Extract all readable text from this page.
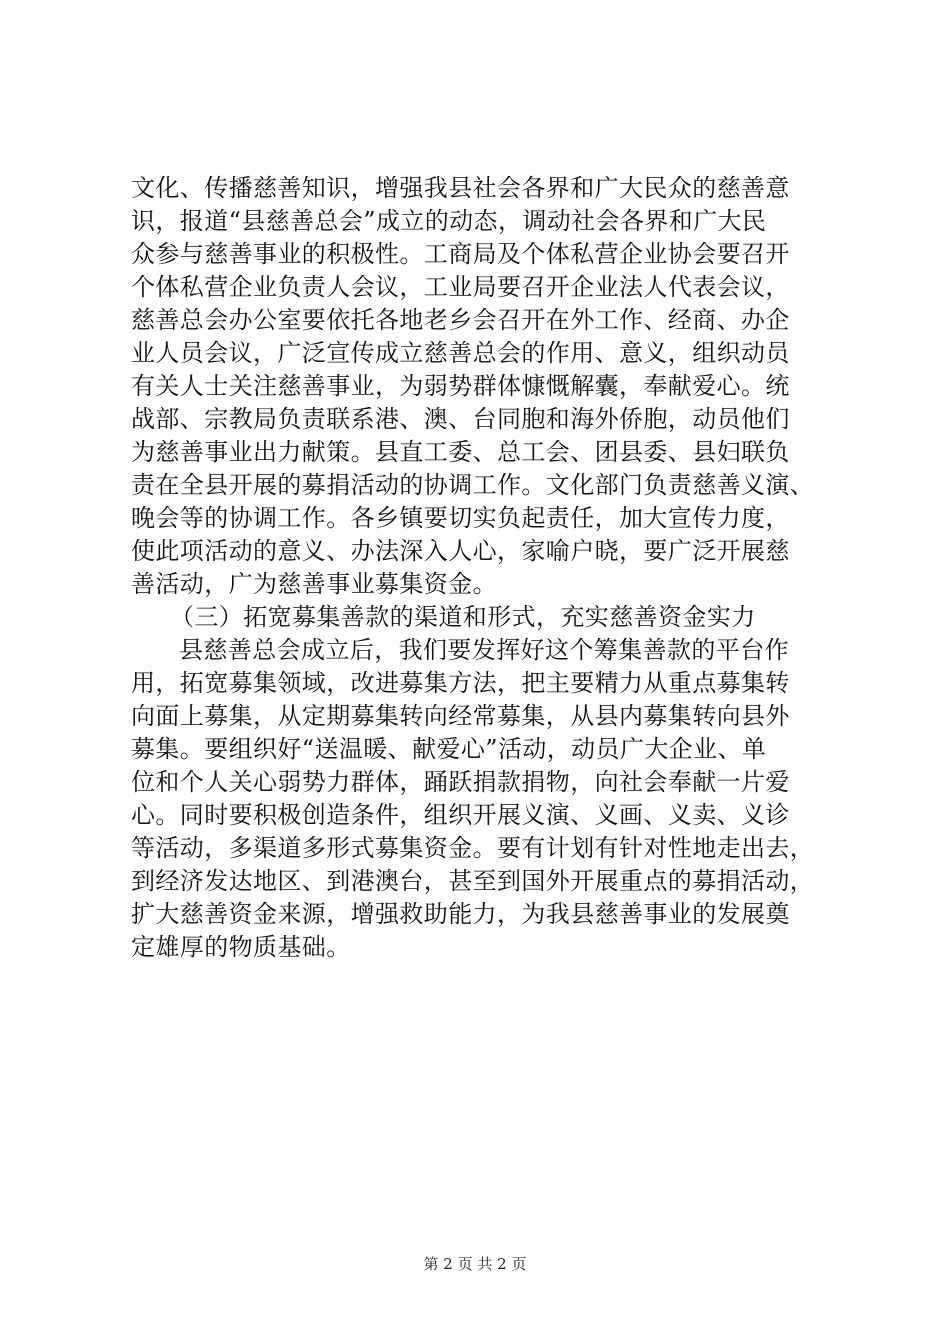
文化、传播慈善知识，增强我县社会各界和广大民众的慈善意
识，报道“县慈善总会”成立的动态，调动社会各界和广大民
众参与慈善事业的积极性。工商局及个体私营企业协会要召开
个体私营企业负责人会议，工业局要召开企业法人代表会议，
慈善总会办公室要依托各地老乡会召开在外工作、经商、办企
业人员会议，广泛宣传成立慈善总会的作用、意义，组织动员
有关人士关注慈善事业，为弱势群体慷慨解囊，奉献爱心。统
战部、宗教局负责联系港、澳、台同胞和海外侨胞，动员他们
为慈善事业出力献策。县直工委、总工会、团县委、县妇联负
责在全县开展的募捐活动的协调工作。文化部门负责慈善义演、
晚会等的协调工作。各乡镇要切实负起责任，加大宣传力度，
使此项活动的意义、办法深入人心，家喻户晓，要广泛开展慈
善活动，广为慈善事业募集资金。
（三）拓宽募集善款的渠道和形式，充实慈善资金实力
县慈善总会成立后，我们要发挥好这个筹集善款的平台作
用，拓宽募集领域，改进募集方法，把主要精力从重点募集转
向面上募集，从定期募集转向经常募集，从县内募集转向县外
募集。要组织好“送温暖、献爱心”活动，动员广大企业、单
位和个人关心弱势力群体，踊跃捐款捐物，向社会奉献一片爱
心。同时要积极创造条件，组织开展义演、义画、义卖、义诊
等活动，多渠道多形式募集资金。要有计划有针对性地走出去，
到经济发达地区、到港澳台，甚至到国外开展重点的募捐活动，
扩大慈善资金来源，增强救助能力，为我县慈善事业的发展奠
定雄厚的物质基础。
第 2 页 共 2 页
